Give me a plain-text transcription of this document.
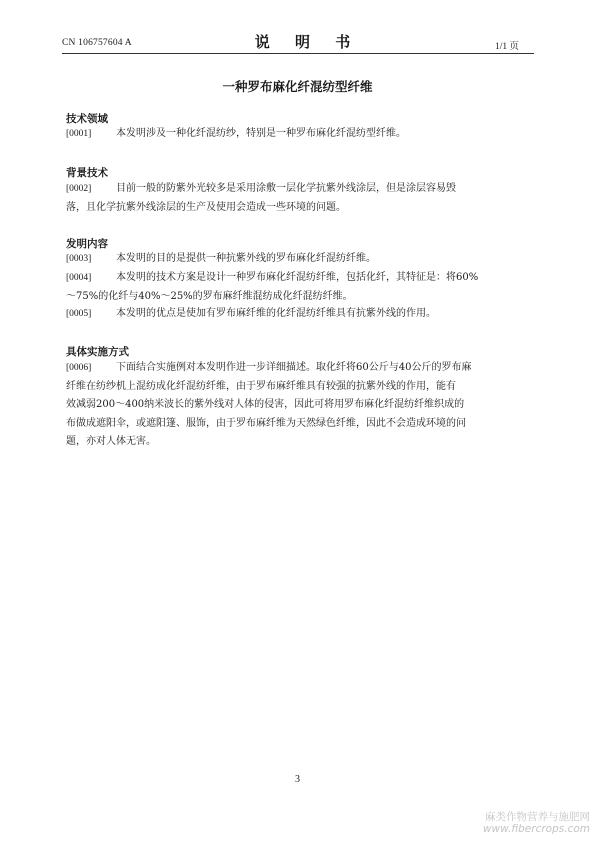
CN 106757604 A	说 明 书	1/1 页
一种罗布麻化纤混纺型纤维
技术领域
[0001]	本发明涉及一种化纤混纺纱，特别是一种罗布麻化纤混纺型纤维。
背景技术
[0002]	目前一般的防紫外光较多是采用涂敷一层化学抗紫外线涂层，但是涂层容易毁
落，且化学抗紫外线涂层的生产及使用会造成一些环境的问题。
发明内容
[0003]	本发明的目的是提供一种抗紫外线的罗布麻化纤混纺纤维。
[0004]	本发明的技术方案是设计一种罗布麻化纤混纺纤维，包括化纤，其特征是：将60%
～75%的化纤与40%～25%的罗布麻纤维混纺成化纤混纺纤维。
[0005]	本发明的优点是使加有罗布麻纤维的化纤混纺纤维具有抗紫外线的作用。
具体实施方式
[0006]	下面结合实施例对本发明作进一步详细描述。取化纤将60公斤与40公斤的罗布麻
纤维在纺纱机上混纺成化纤混纺纤维，由于罗布麻纤维具有较强的抗紫外线的作用，能有
效减弱200～400纳米波长的紫外线对人体的侵害，因此可将用罗布麻化纤混纺纤维织成的
布做成遮阳伞，或遮阳篷、服饰，由于罗布麻纤维为天然绿色纤维，因此不会造成环境的问
题，亦对人体无害。
3
麻类作物营养与施肥网
www.fibercrops.com
